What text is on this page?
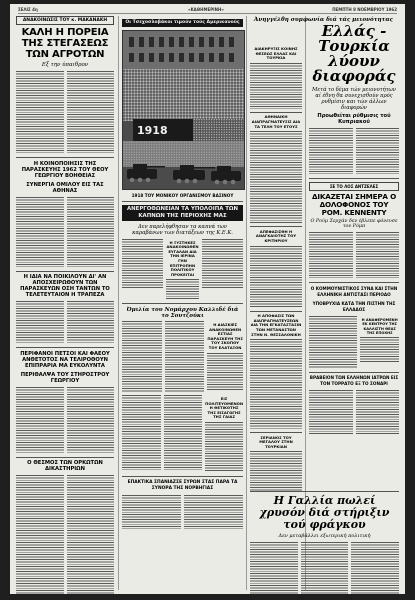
ΣΕΛΙΣ 4η	«ΚΑΘΗΜΕΡΙΝΗ»	ΠΕΜΠΤΗ 8 ΝΟΕΜΒΡΙΟΥ 1962
ΑΝΑΚΟΙΝΩΣΙΣ ΤΟΥ κ. ΜΑΚΑΝΑΚΗ
ΚΑΛΗ Η ΠΟΡΕΙΑ ΤΗΣ ΣΤΕΓΑΣΕΩΣ ΤΩΝ ΑΓΡΟΤΩΝ
Εξ την ύπαιθρον
Η ΚΟΙΝΟΠΟΙΗΣΙΣ ΤΗΣ ΠΑΡΑΣΚΕΥΗΣ 1962 ΤΟΥ ΘΕΟΥ ΓΕΩΡΓΙΟΥ ΒΟΗΘΕΙΑΣ
ΣΥΝΕΡΓΙΑ ΟΜΙΛΟΥ ΕΙΣ ΤΑΣ ΑΘΗΝΑΣ
Η ΙΔΙΑ ΝΑ ΠΟΙΚΙΛΟΥΝ ΔΙ' ΑΝ ΑΠΟΣΧΕΙΡΩΘΟΥΝ ΤΩΝ ΠΑΡΑΣΚΕΥΩΝ ΟΣΗ ΤΑΝΤΩΝ ΤΟ ΤΕΛΕΤΕΥΤΑΙΟΝ Η ΤΡΑΠΕΖΑ
ΠΕΡΙΦΑΝΟΙ ΠΕΤΣΟΙ ΚΑΙ ΦΑΕΟΥ ΑΝΘΕΤΟΤΟΣ ΝΑ ΤΕΛΙΡΟΘΟΥΝ ΕΠΙΠΡΑΡΙΑ ΜΑ ΕΥΚΟΛΥΝΤΑ
ΠΕΡΙΘΑΛΨΑ ΤΟΥ ΣΤΗΡΟΣΤΡΟΥ ΓΕΩΡΓΙΟΥ
Ο ΘΕΣΜΟΣ ΤΩΝ ΟΡΚΩΤΩΝ ΔΙΚΑΣΤΗΡΙΩΝ
Οι Τσεχοσλοβάκοι τιμούν τούς Αμερικανούς
1918
1918 ΤΟΥ ΜΟΝΙΚΟΥ ΟΡΓΑΝΙΣΜΟΥ ΒΑΣΙΝΟΥ
ΑΝΕΡΓΟΘΩΝΕΙΑΝ ΤΑ ΥΠΟΛΟΙΠΑ ΤΩΝ ΚΑΠΝΩΝ ΤΗΣ ΠΕΡΙΟΧΗΣ ΜΑΣ
Δεν παρελήφθησαν τα καπνά των καραβάνων των διατάξεων της Κ.Ε.Κ.
Η ΞΥΣΤΗΚΕΣ ΑΝΑΚΟΙΝΩΘΕΝ ΕΥΓΑΛΑΝ ΔΙΑ ΤΗΝ ΙΕΡΙΝΑ ΓΗΝ ΕΠΙΤΡΟΠΗΝ ΠΟΛΙΤΙΚΟΥ ΠΡΟΚΕΙΤΑΙ
Όμιλία του Νομάρχου Καλλιδέ διά το Σουτζούκι
Η ΔΙΑΣΚΙΕΣ ΑΝΑΚΟΙΝΩΘΕΝ ΕΣΤΙΑΣ ΠΑΡΑΣΚΕΥΗ ΤΗΣ ΤΟΥ ΣΚΟΠΟΥ ΤΟΥ ΕΛΑΤΑΞΟΝ
ΕΙΣ ΠΟΛΙΤΕΥΟΜΕΝΟΝ Η ΘΕΤΙΚΟΤΗΣ ΤΗΣ ΕΙΣΑΓΩΓΗΣ ΤΗΣ ΓΑΙΑΣ
ΕΠΑΚΤΙΚΑ ΣΠΑΝΙΑΖΣΕ ΣΥΡΩΝ ΣΤΑΣ ΠΑΡΑ ΤΑ ΣΥΝΟΡΑ ΤΗΣ ΝΟΡΒΗΓΙΑΣ
ΔΙΑΚΗΡΥΞΙΣ ΚΟΙΝΗΣ ΘΕΣΕΩΣ ΕΛΛΑΣ ΚΑΙ ΤΟΥΡΚΙΑ
ΑΘΗΝΑΙΚΗ ΔΙΑΠΡΑΓΜΑΤΕΥΣΙΣ ΔΙΑ ΤΑ ΤΕΛΗ ΤΟΥ ΕΤΟΥΣ
ΑΠΕΦΑΣΙΣΘΗ Η ΑΝΑΓΚΑΙΟΤΗΣ ΤΟΥ ΚΡΙΤΗΡΙΟΥ
Η ΑΠΟΦΑΣΙΣ ΤΩΝ ΔΙΑΠΡΑΓΜΑΤΕΥΣΕΩΝ ΔΙΑ ΤΗΝ ΕΓΚΑΤΑΣΤΑΣΙΝ ΤΩΝ ΜΕΤΑΝΑΣΤΩΝ ΣΤΗΝ Ν. ΘΕΣΣΑΛΟΝΙΚΗ
ΣΕΡΙΑΝΟΣ ΤΟΥ ΜΕΓΑΛΟΥ ΣΤΗΝ ΤΟΥΡΚΙΑΝ
Άνηγγέλθη συμφωνία διά τάς μειονότητας
Ελλάς - Τουρκία λύουν διαφοράς
Μετά το δέμα τών μειονοτήτων αί έθνη θα συνεχισθούν πρός ρυθμίσιν και τών άλλων διαφορών
Προωθείται ρύθμισις τού Κυπριακού
ΣΕ ΤΟ ΛΟΣ ΑΝΤΖΕΛΕΣ
ΔΙΚΑΖΕΤΑΙ ΣΗΜΕΡΑ Ο ΔΟΛΟΦΟΝΟΣ ΤΟΥ ΡΟΜ. ΚΕΝΝΕΝΤΥ
Ο Ρούμ Σερχάν δεν έβλεπε φόνευσε τον Ρόμπ
Ο ΚΟΜΜΟΥΝΙΣΤΙΚΟΣ ΣΥΝΑ ΚΑΙ ΣΤΗΝ ΕΛΛΗΝΙΚΗ ΑΝΤΙΣΤΑΣΙ ΠΕΡΙΟΔΟ
ΥΠΟΒΡΥΧΙΑ ΚΑΤΑ ΤΗΝ ΠΙΣΤΗΝ ΤΗΣ ΕΛΛΑΔΟΣ
Η ΑΝΑΦΕΡΟΜΕΝΗ ΕΚ ΚΕΝΤΡΟΥ ΤΗΣ ΚΑΛΛΙΣΤΗ ΘΕΑΣ ΤΗΣ ΕΠΟΧΗΣ
ΒΡΑΒΕΙΟΝ ΤΩΝ ΕΛΛΗΝΩΝ ΙΑΤΡΩΝ ΕΙΣ ΤΟΝ ΤΟΡΡΑΤΟ ΕΞ ΤΟ ΣΟΝΑΡΙ
Η Γαλλία πωλεί χρυσόν διά στήριξιν τού φράγκου
Δεν μεταβάλλει εξωτερική πολιτική
